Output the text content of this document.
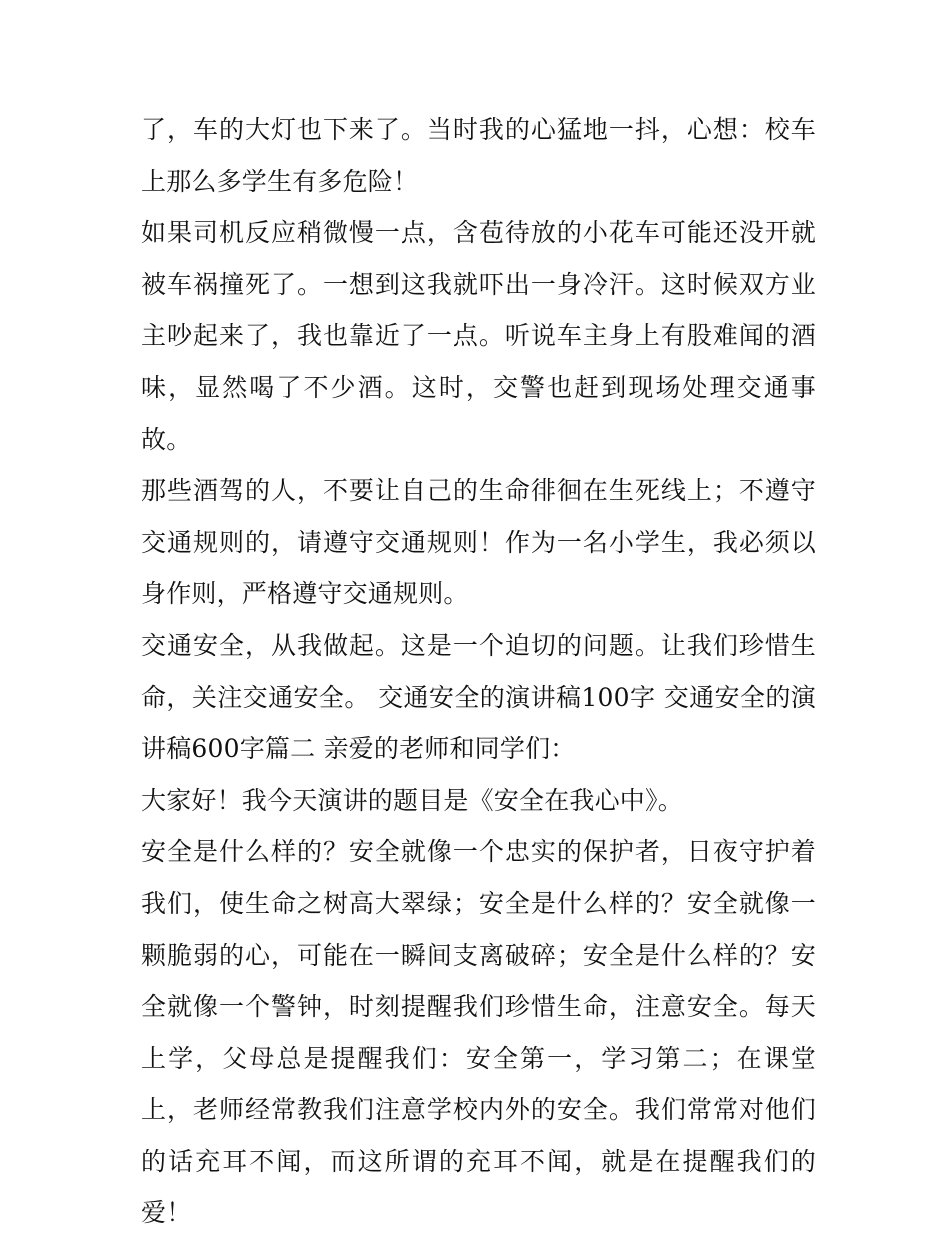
了，车的大灯也下来了。当时我的心猛地一抖，心想：校车上那么多学生有多危险！

如果司机反应稍微慢一点，含苞待放的小花车可能还没开就被车祸撞死了。一想到这我就吓出一身冷汗。这时候双方业主吵起来了，我也靠近了一点。听说车主身上有股难闻的酒味，显然喝了不少酒。这时，交警也赶到现场处理交通事故。

那些酒驾的人，不要让自己的生命徘徊在生死线上；不遵守交通规则的，请遵守交通规则！作为一名小学生，我必须以身作则，严格遵守交通规则。

交通安全，从我做起。这是一个迫切的问题。让我们珍惜生命，关注交通安全。 交通安全的演讲稿100字 交通安全的演讲稿600字篇二 亲爱的老师和同学们：

大家好！我今天演讲的题目是《安全在我心中》。

安全是什么样的？安全就像一个忠实的保护者，日夜守护着我们，使生命之树高大翠绿；安全是什么样的？安全就像一颗脆弱的心，可能在一瞬间支离破碎；安全是什么样的？安全就像一个警钟，时刻提醒我们珍惜生命，注意安全。每天上学，父母总是提醒我们：安全第一，学习第二；在课堂上，老师经常教我们注意学校内外的安全。我们常常对他们的话充耳不闻，而这所谓的充耳不闻，就是在提醒我们的爱！
